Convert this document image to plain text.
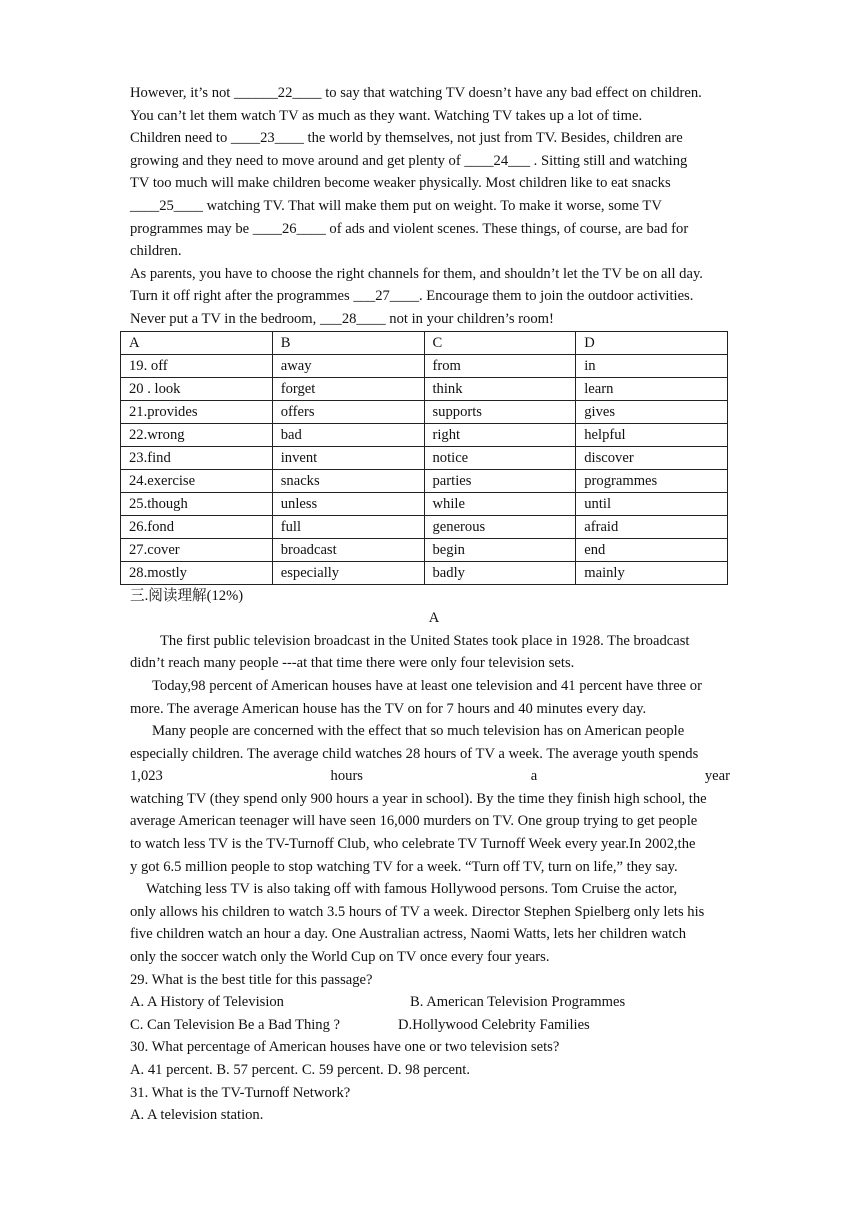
However, it’s not ______22____ to say that watching TV doesn’t have any bad effect on children.
You can’t let them watch TV as much as they want. Watching TV takes up a lot of time.
Children need to ____23____ the world by themselves, not just from TV. Besides, children are
growing and they need to move around and get plenty of ____24___ . Sitting still and watching
TV too much will make children become weaker physically. Most children like to eat snacks
____25____ watching TV. That will make them put on weight. To make it worse, some TV
programmes may be ____26____ of ads and violent scenes. These things, of course, are bad for
children.
As parents, you have to choose the right channels for them, and shouldn’t let the TV be on all day.
Turn it off right after the programmes ___27____. Encourage them to join the outdoor activities.
Never put a TV in the bedroom, ___28____ not in your children’s room!
A	B	C	D
19. off	away	from	in
20 . look	forget	think	learn
21.provides	offers	supports	gives
22.wrong	bad	right	helpful
23.find	invent	notice	discover
24.exercise	snacks	parties	programmes
25.though	unless	while	until
26.fond	full	generous	afraid
27.cover	broadcast	begin	end
28.mostly	especially	badly	mainly
三.阅读理解(12%)
A
The first public television broadcast in the United States took place in 1928. The broadcast
didn’t reach many people ---at that time there were only four television sets.
Today,98 percent of American houses have at least one television and 41 percent have three or
more. The average American house has the TV on for 7 hours and 40 minutes every day.
Many people are concerned with the effect that so much television has on American people
especially children. The average child watches 28 hours of TV a week. The average youth spends
1,023	hours	a	year
watching TV (they spend only 900 hours a year in school). By the time they finish high school, the
average American teenager will have seen 16,000 murders on TV. One group trying to get people
to watch less TV is the TV-Turnoff Club, who celebrate TV Turnoff Week every year.In 2002,the
y got 6.5 million people to stop watching TV for a week. “Turn off TV, turn on life,” they say.
Watching less TV is also taking off with famous Hollywood persons. Tom Cruise the actor,
only allows his children to watch 3.5 hours of TV a week. Director Stephen Spielberg only lets his
five children watch an hour a day. One Australian actress, Naomi Watts, lets her children watch
only the soccer watch only the World Cup on TV once every four years.
29. What is the best title for this passage?
A. A History of Television	B. American Television Programmes
C. Can Television Be a Bad Thing ?	D.Hollywood Celebrity Families
30. What percentage of American houses have one or two television sets?
A. 41 percent. B. 57 percent. C. 59 percent. D. 98 percent.
31. What is the TV-Turnoff Network?
A. A television station.
